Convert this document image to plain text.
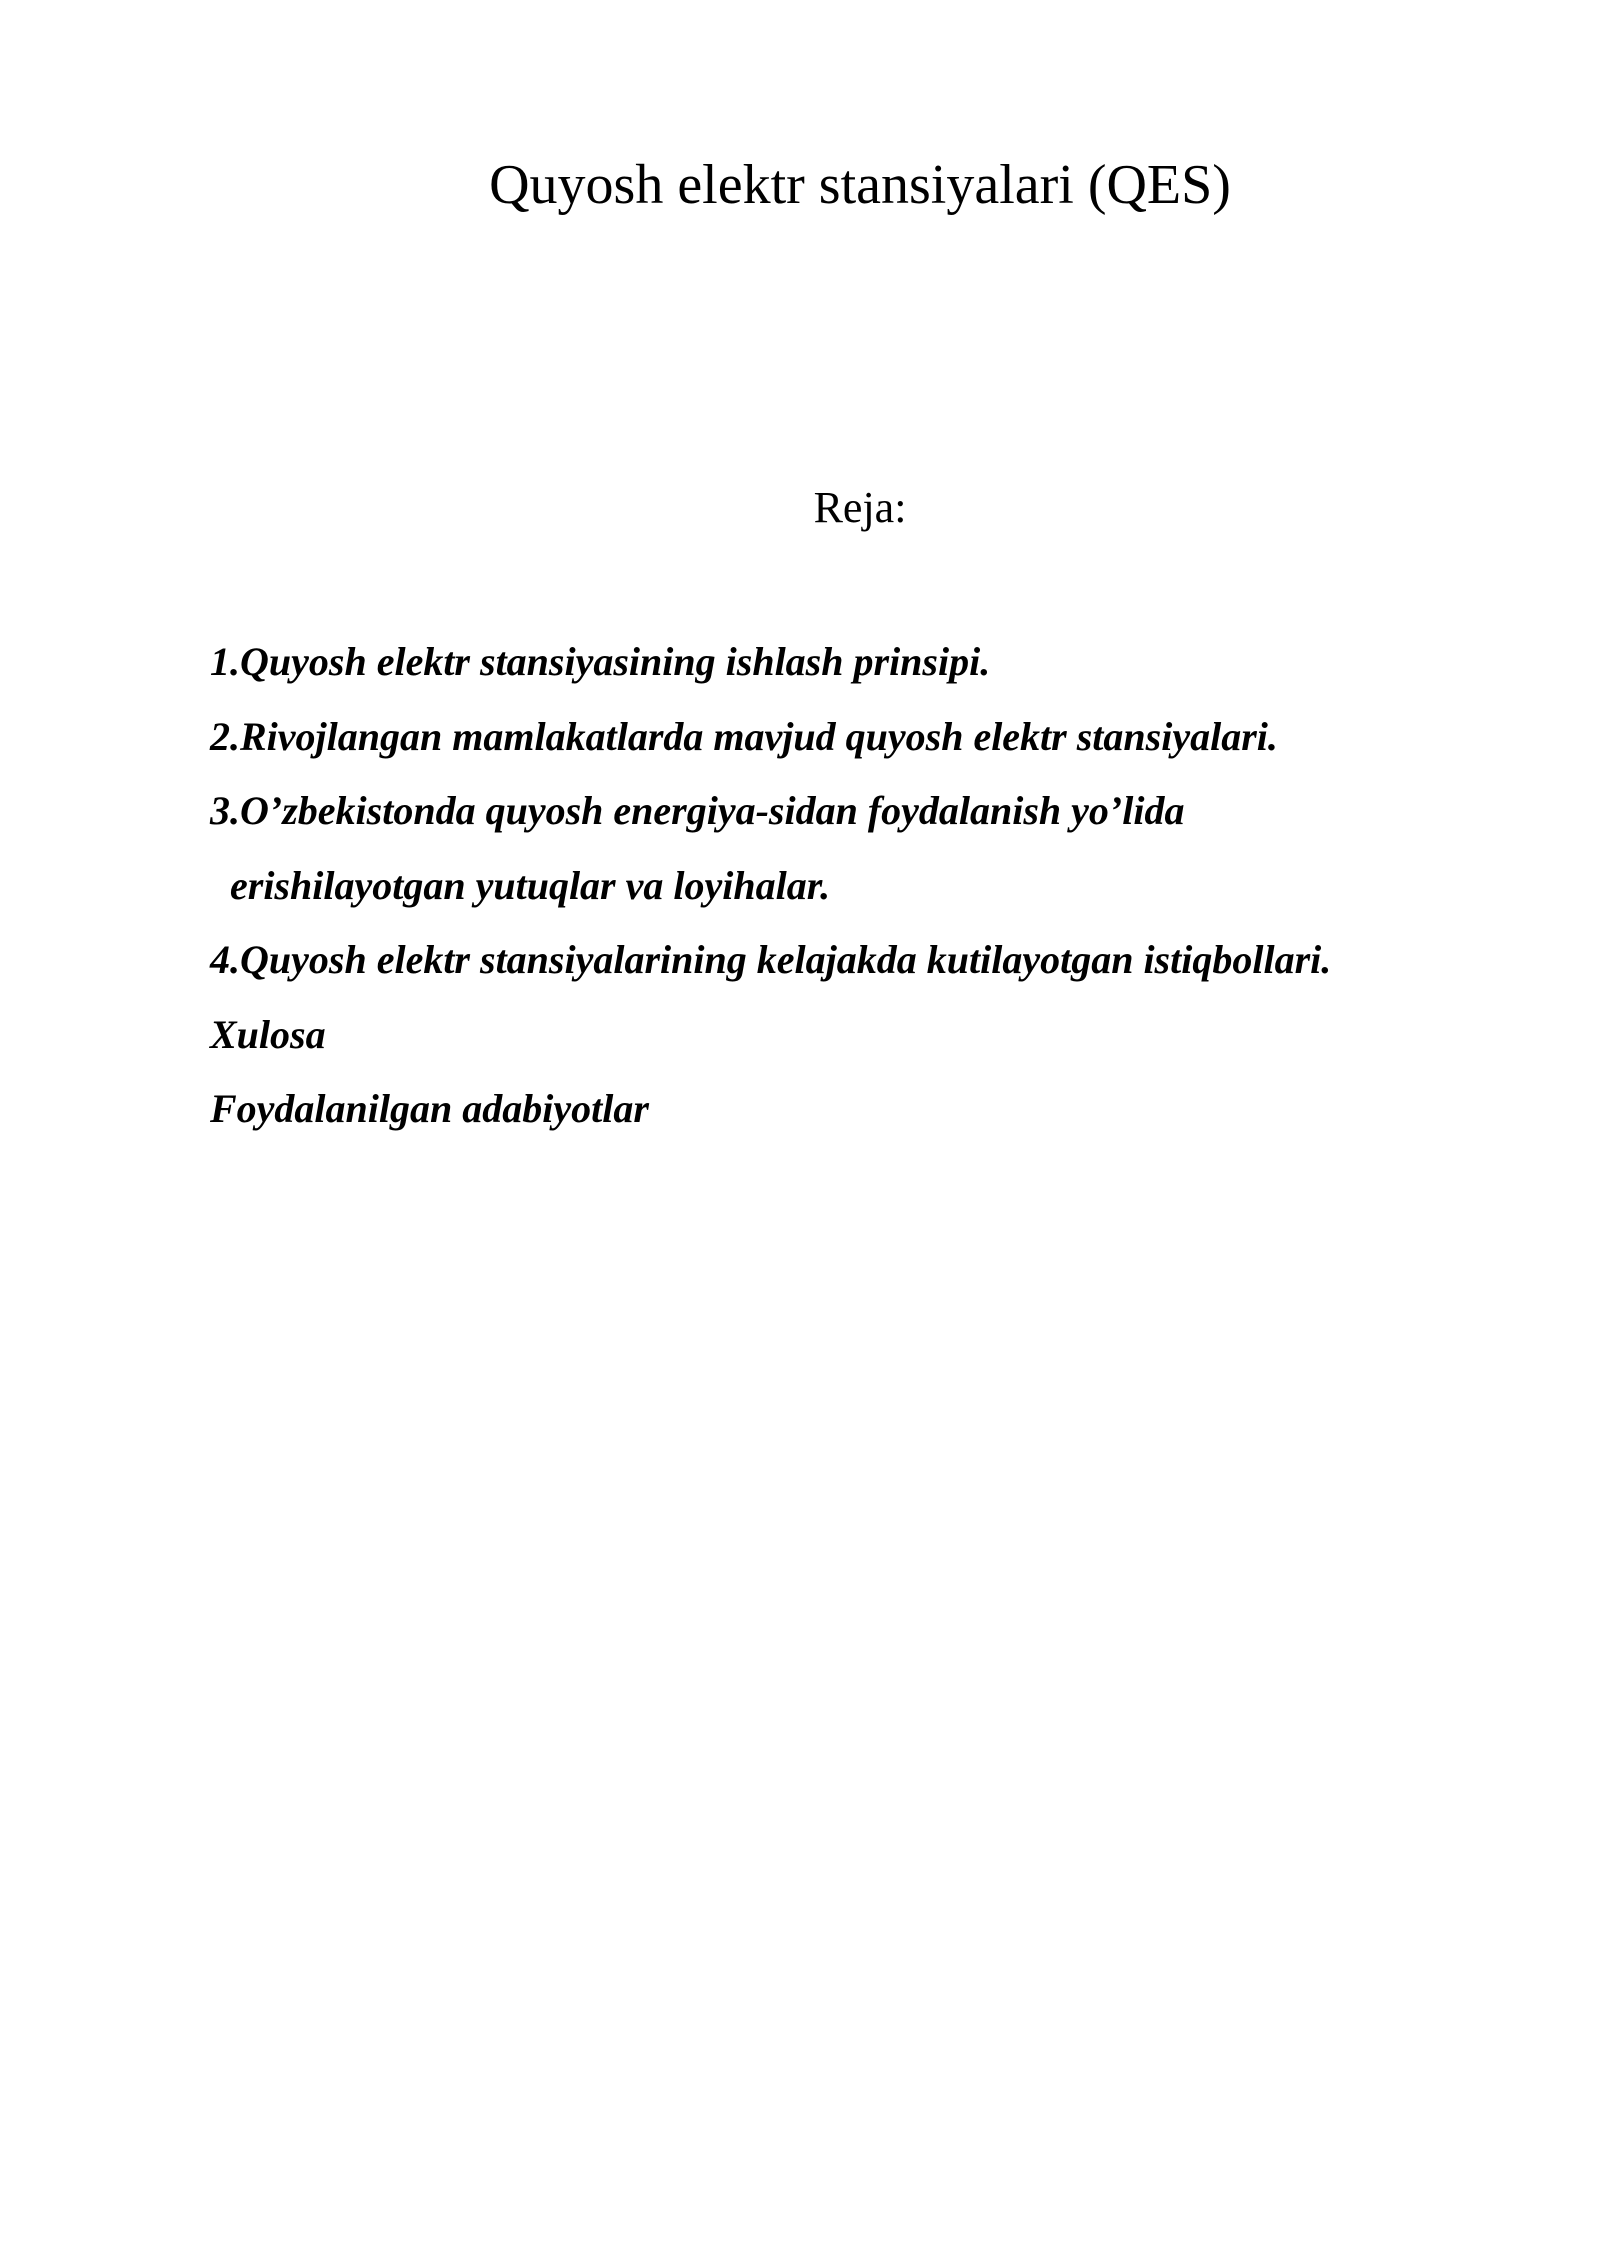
Quyosh elektr stansiyalari (QES)
Reja:
1.Quyosh elektr stansiyasining ishlash prinsipi.
2.Rivojlangan mamlakatlarda mavjud quyosh elektr stansiyalari.
3.O’zbekistonda quyosh energiya-sidan foydalanish yo’lida
erishilayotgan yutuqlar va loyihalar.
4.Quyosh elektr stansiyalarining kelajakda kutilayotgan istiqbollari.
Xulosa
Foydalanilgan adabiyotlar
